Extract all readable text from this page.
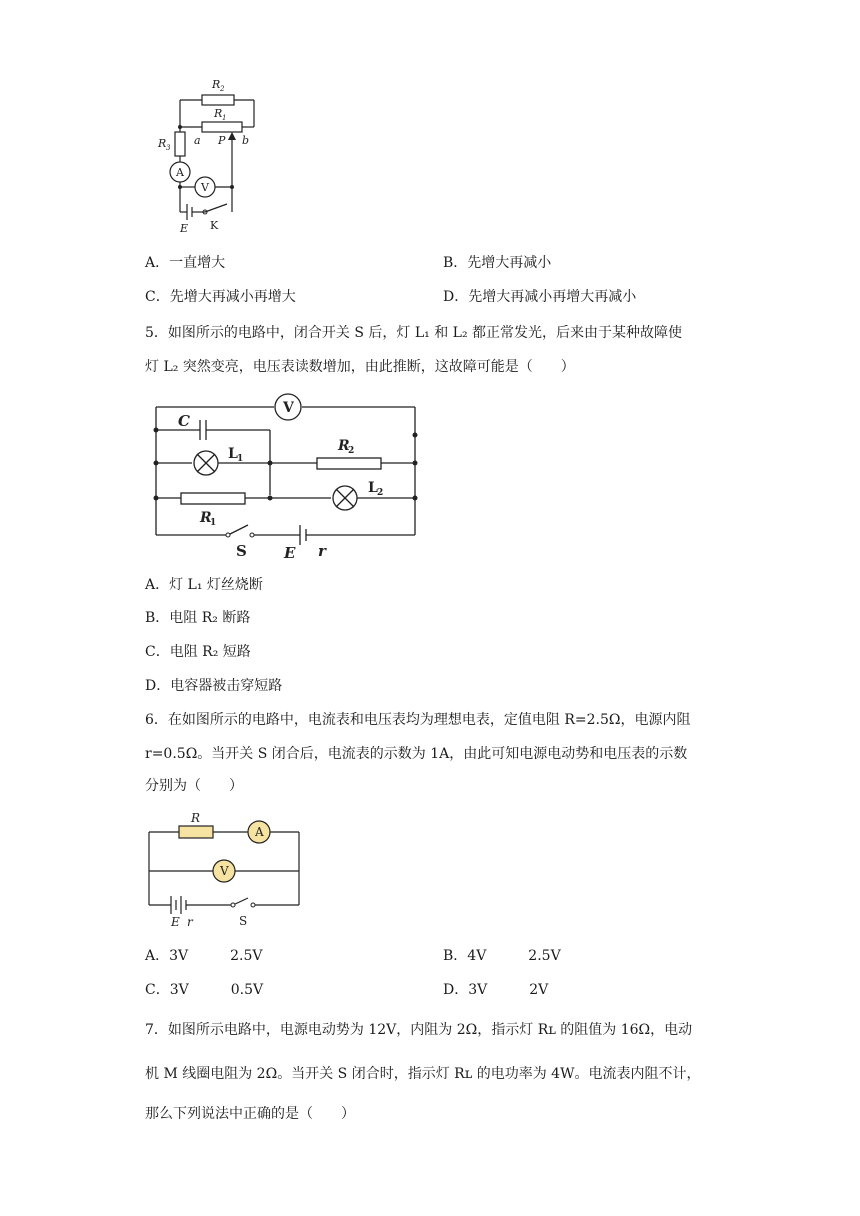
R 2
R 1
R 3
a P b
E
A
V
K
A．一直增大	B．先增大再减小
C．先增大再减小再增大	D．先增大再减小再增大再减小
5．如图所示的电路中，闭合开关 S 后，灯 L₁ 和 L₂ 都正常发光，后来由于某种故障使
灯 L₂ 突然变亮，电压表读数增加，由此推断，这故障可能是（　　）
V
C
L 1
R
2
L 2
R
1
S E r
A．灯 L₁ 灯丝烧断
B．电阻 R₂ 断路
C．电阻 R₂ 短路
D．电容器被击穿短路
6．在如图所示的电路中，电流表和电压表均为理想电表，定值电阻 R=2.5Ω，电源内阻
r=0.5Ω。当开关 S 闭合后，电流表的示数为 1A，由此可知电源电动势和电压表的示数
分别为（　　）
R
A
V
E r	S
A．3V　　　2.5V	B．4V　　　2.5V
C．3V　　　0.5V	D．3V　　　2V
7．如图所示电路中，电源电动势为 12V，内阻为 2Ω，指示灯 Rʟ 的阻值为 16Ω，电动
机 M 线圈电阻为 2Ω。当开关 S 闭合时，指示灯 Rʟ 的电功率为 4W。电流表内阻不计，
那么下列说法中正确的是（　　）
